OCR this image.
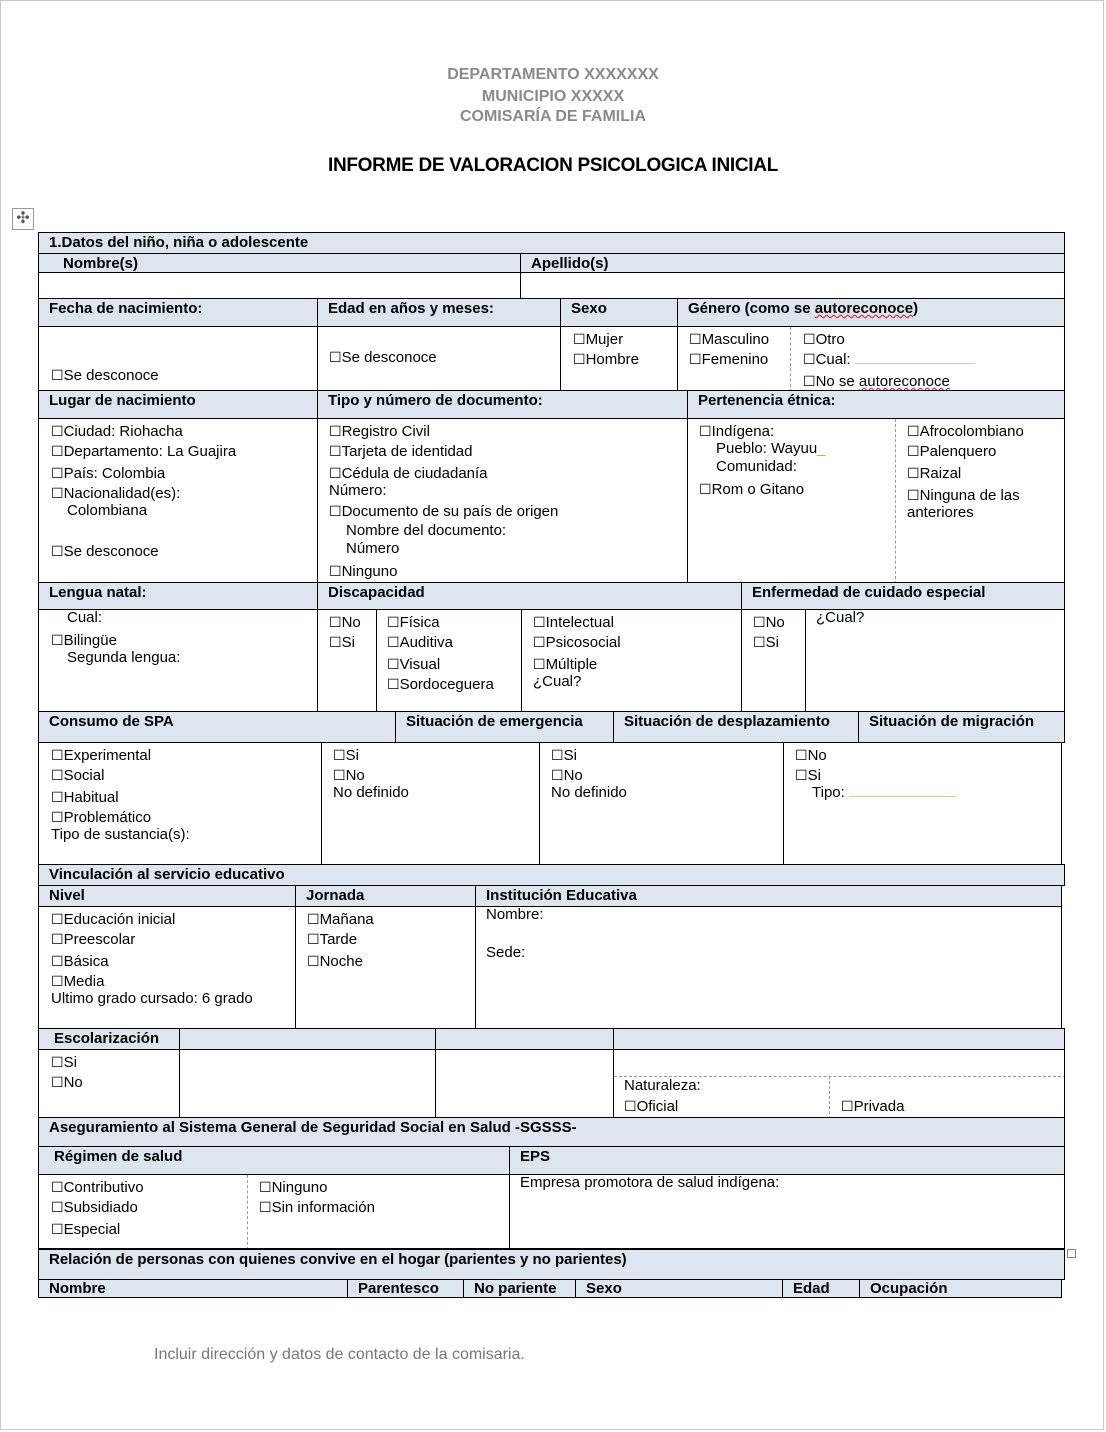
DEPARTAMENTO XXXXXXX
MUNICIPIO XXXXX
COMISARÍA DE FAMILIA
INFORME DE VALORACION PSICOLOGICA INICIAL
✣
1.Datos del niño, niña o adolescente
Nombre(s)	Apellido(s)
Fecha de nacimiento:	Edad en años y meses:	Sexo	Género (como se autoreconoce)
☐ Se desconoce
☐ Se desconoce
☐ Mujer
☐ Hombre
☐ Masculino
☐ Femenino
☐ Otro
☐ Cual:
☐ No se autoreconoce
Lugar de nacimiento	Tipo y número de documento:	Pertenencia étnica:
☐ Ciudad: Riohacha
☐ Departamento: La Guajira
☐ País: Colombia
☐ Nacionalidad(es):
Colombiana
☐ Se desconoce
☐ Registro Civil
☐ Tarjeta de identidad
☐ Cédula de ciudadanía
Número:
☐ Documento de su país de origen
Nombre del documento:
Número
☐ Ninguno
☐ Indígena:
Pueblo: Wayuu_
Comunidad:
☐ Rom o Gitano
☐ Afrocolombiano
☐ Palenquero
☐ Raizal
☐ Ninguna de las
anteriores
Lengua natal:	Discapacidad	Enfermedad de cuidado especial
Cual:
☐ Bilingüe
Segunda lengua:
☐ No
☐ Si
☐ Física
☐ Auditiva
☐ Visual
☐ Sordoceguera
☐ Intelectual
☐ Psicosocial
☐ Múltiple
¿Cual?
☐ No
☐ Si
¿Cual?
Consumo de SPA	Situación de emergencia	Situación de desplazamiento	Situación de migración
☐ Experimental
☐ Social
☐ Habitual
☐ Problemático
Tipo de sustancia(s):
☐ Si
☐ No
No definido
☐ Si
☐ No
No definido
☐ No
☐ Si
Tipo:
Vinculación al servicio educativo
Nivel	Jornada	Institución Educativa
☐ Educación inicial
☐ Preescolar
☐ Básica
☐ Media
Ultimo grado cursado: 6 grado
☐ Mañana
☐ Tarde
☐ Noche
Nombre:
Sede:
Escolarización
☐ Si
☐ No	Naturaleza:
☐ Oficial
☐	Privada
Aseguramiento al Sistema General de Seguridad Social en Salud -SGSSS-
Régimen de salud	EPS
☐ Contributivo
☐ Subsidiado
☐ Especial
☐ Ninguno
☐ Sin información
Empresa promotora de salud indígena:
Relación de personas con quienes convive en el hogar (parientes y no parientes)
Nombre	Parentesco	No pariente	Sexo	Edad	Ocupación
Incluir dirección y datos de contacto de la comisaria.
